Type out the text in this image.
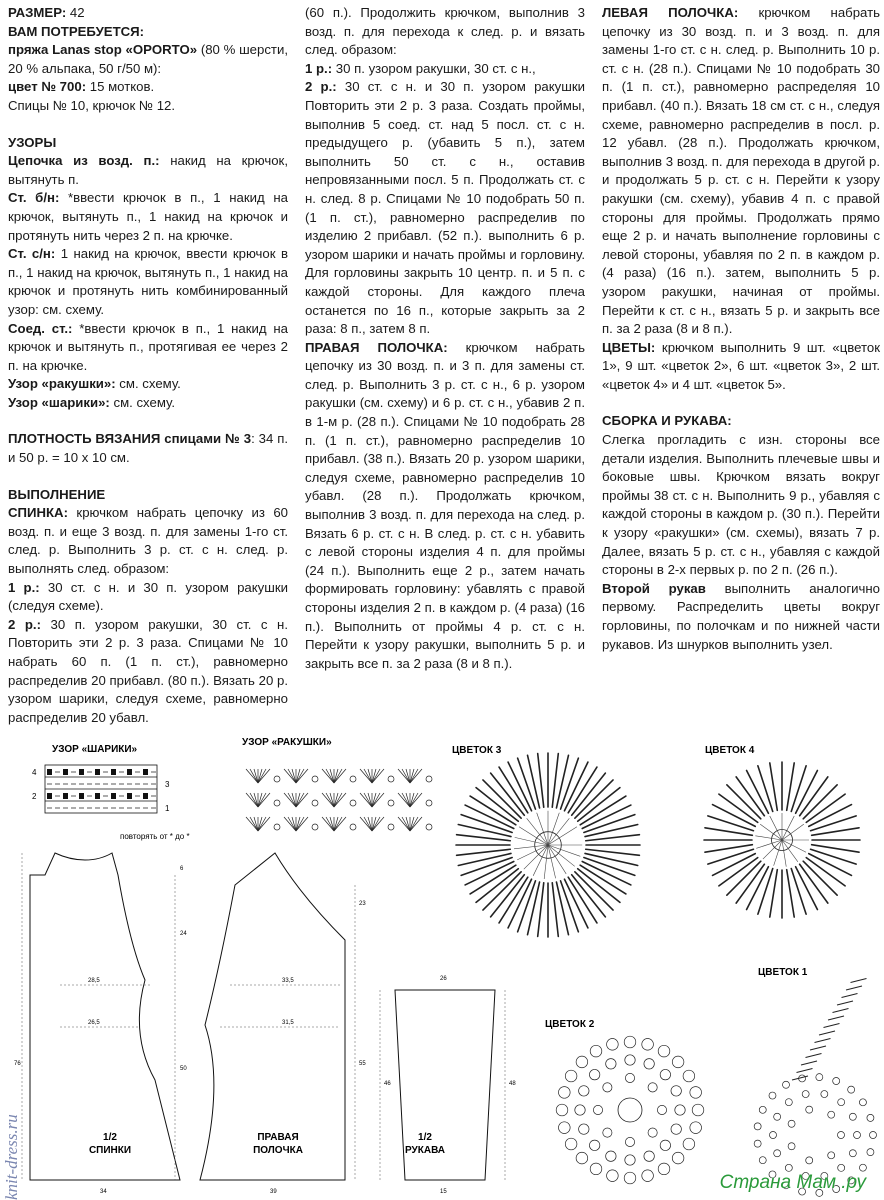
РАЗМЕР: 42

ВАМ ПОТРЕБУЕТСЯ:

пряжа Lanas stop «OPORTO» (80 % шерсти, 20 % альпака, 50 г/50 м):

цвет № 700: 15 мотков.

Спицы № 10, крючок № 12.

УЗОРЫ

Цепочка из возд. п.: накид на крючок, вытянуть п.

Ст. б/н: *ввести крючок в п., 1 накид на крючок, вытянуть п., 1 накид на крючок и протянуть нить через 2 п. на крючке.

Ст. с/н: 1 накид на крючок, ввести крючок в п., 1 накид на крючок, вытянуть п., 1 накид на крючок и протянуть нить комбинированный узор: см. схему.

Соед. ст.: *ввести крючок в п., 1 накид на крючок и вытянуть п., протягивая ее через 2 п. на крючке.

Узор «ракушки»: см. схему.

Узор «шарики»: см. схему.

ПЛОТНОСТЬ ВЯЗАНИЯ спицами № 3: 34 п. и 50 р. = 10 х 10 см.

ВЫПОЛНЕНИЕ

СПИНКА: крючком набрать цепочку из 60 возд. п. и еще 3 возд. п. для замены 1-го ст. след. р. Выполнить 3 р. ст. с н. след. р. выполнять след. образом:

1 р.: 30 ст. с н. и 30 п. узором ракушки (следуя схеме).

2 р.: 30 п. узором ракушки, 30 ст. с н. Повторить эти 2 р. 3 раза. Спицами № 10 набрать 60 п. (1 п. ст.), равномерно распределив 20 прибавл. (80 п.). Вязать 20 р. узором шарики, следуя схеме, равномерно распределив 20 убавл.

(60 п.). Продолжить крючком, выполнив 3 возд. п. для перехода к след. р. и вязать след. образом:

1 р.: 30 п. узором ракушки, 30 ст. с н.,

2 р.: 30 ст. с н. и 30 п. узором ракушки Повторить эти 2 р. 3 раза. Создать проймы, выполнив 5 соед. ст. над 5 посл. ст. с н. предыдущего р. (убавить 5 п.), затем выполнить 50 ст. с н., оставив непровязанными посл. 5 п. Продолжать ст. с н. след. 8 р. Спицами № 10 подобрать 50 п. (1 п. ст.), равномерно распределив по изделию 2 прибавл. (52 п.). выполнить 6 р. узором шарики и начать проймы и горловину. Для горловины закрыть 10 центр. п. и 5 п. с каждой стороны. Для каждого плеча останется по 16 п., которые закрыть за 2 раза: 8 п., затем 8 п.

ПРАВАЯ ПОЛОЧКА: крючком набрать цепочку из 30 возд. п. и 3 п. для замены ст. след. р. Выполнить 3 р. ст. с н., 6 р. узором ракушки (см. схему) и 6 р. ст. с н., убавив 2 п. в 1-м р. (28 п.). Спицами № 10 подобрать 28 п. (1 п. ст.), равномерно распределив 10 прибавл. (38 п.). Вязать 20 р. узором шарики, следуя схеме, равномерно распределив 10 убавл. (28 п.). Продолжать крючком, выполнив 3 возд. п. для перехода на след. р. Вязать 6 р. ст. с н. В след. р. ст. с н. убавить с левой стороны изделия 4 п. для проймы (24 п.). Выполнить еще 2 р., затем начать формировать горловину: убавлять с правой стороны изделия 2 п. в каждом р. (4 раза) (16 п.). Выполнить от проймы 4 р. ст. с н. Перейти к узору ракушки, выполнить 5 р. и закрыть все п. за 2 раза (8 и 8 п.).

ЛЕВАЯ ПОЛОЧКА: крючком набрать цепочку из 30 возд. п. и 3 возд. п. для замены 1-го ст. с н. след. р. Выполнить 10 р. ст. с н. (28 п.). Спицами № 10 подобрать 30 п. (1 п. ст.), равномерно распределяя 10 прибавл. (40 п.). Вязать 18 см ст. с н., следуя схеме, равномерно распределив в посл. р. 12 убавл. (28 п.). Продолжать крючком, выполнив 3 возд. п. для перехода в другой р. и продолжать 5 р. ст. с н. Перейти к узору ракушки (см. схему), убавив 4 п. с правой стороны для проймы. Продолжать прямо еще 2 р. и начать выполнение горловины с левой стороны, убавляя по 2 п. в каждом р. (4 раза) (16 п.). затем, выполнить 5 р. узором ракушки, начиная от проймы. Перейти к ст. с н., вязать 5 р. и закрыть все п. за 2 раза (8 и 8 п.).

ЦВЕТЫ: крючком выполнить 9 шт. «цветок 1», 9 шт. «цветок 2», 6 шт. «цветок 3», 2 шт. «цветок 4» и 4 шт. «цветок 5».

СБОРКА И РУКАВА:

Слегка прогладить с изн. стороны все детали изделия. Выполнить плечевые швы и боковые швы. Крючком вязать вокруг проймы 38 ст. с н. Выполнить 9 р., убавляя с каждой стороны в каждом р. (30 п.). Перейти к узору «ракушки» (см. схемы), вязать 7 р. Далее, вязать 5 р. ст. с н., убавляя с каждой стороны в 2-х первых р. по 2 п. (26 п.).

Второй рукав выполнить аналогично первому. Распределить цветы вокруг горловины, по полочкам и по нижней части рукавов. Из шнурков выполнить узел.

УЗОР «ШАРИКИ»
4
2
3
1
повторять от * до *
УЗОР «РАКУШКИ»
28,5
26,5
6
24
50
76
34
33,5
31,5
23
55
39
26
46	48
15
1/2 СПИНКИ
ПРАВАЯ ПОЛОЧКА
1/2 РУКАВА
ЦВЕТОК 3	ЦВЕТОК 4
ЦВЕТОК 2
ЦВЕТОК 1
knit-dress.ru	Страна Мам .ру
